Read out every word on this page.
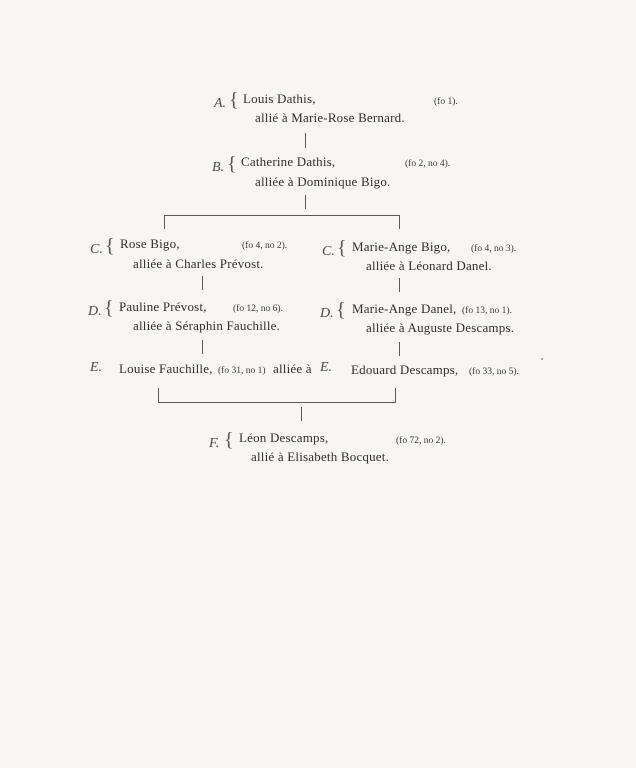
A. { Louis Dathis,	(fo 1).
allié à Marie-Rose Bernard.
B. { Catherine Dathis,	(fo 2, no 4).
alliée à Dominique Bigo.
C. { Rose Bigo,	(fo 4, no 2).
alliée à Charles Prévost.
C. { Marie-Ange Bigo, (fo 4, no 3).
alliée à Léonard Danel.
D. { Pauline Prévost,	(fo 12, no 6).
alliée à Séraphin Fauchille.
D. { Marie-Ange Danel, (fo 13, no 1).
alliée à Auguste Descamps.
E. Louise Fauchille, (fo 31, no 1) alliée à E. Edouard Descamps, (fo 33, no 5).
F. { Léon Descamps,	(fo 72, no 2).
allié à Elisabeth Bocquet.
